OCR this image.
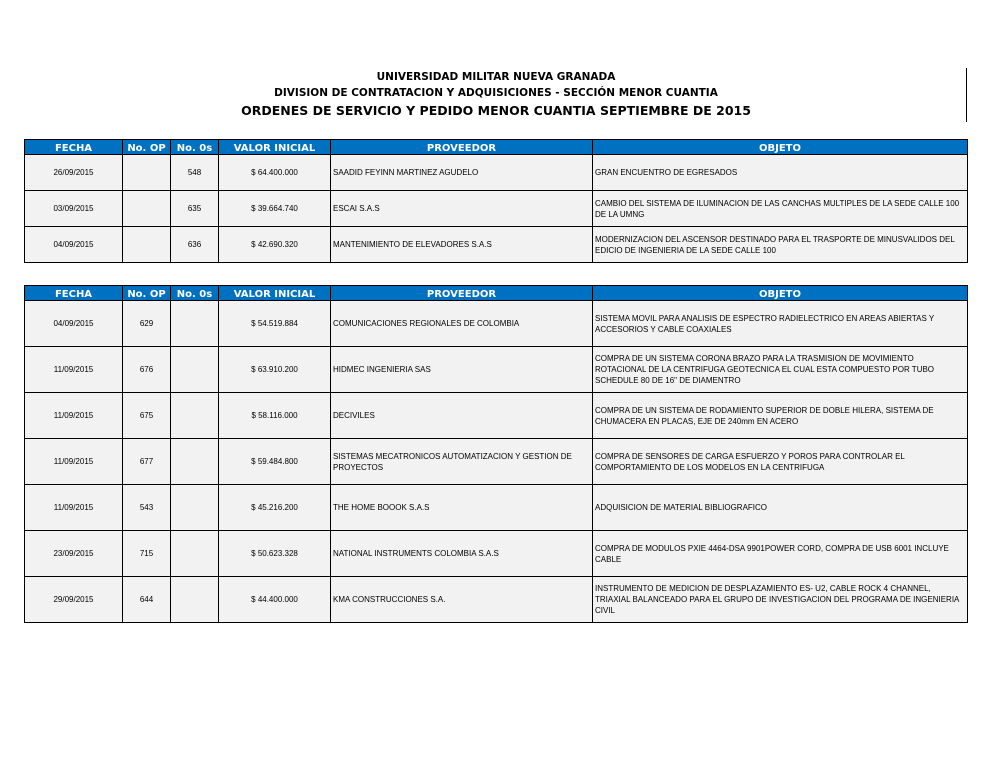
UNIVERSIDAD MILITAR NUEVA GRANADA
DIVISION DE CONTRATACION Y ADQUISICIONES - SECCIÓN MENOR CUANTIA
ORDENES DE SERVICIO Y PEDIDO MENOR CUANTIA SEPTIEMBRE DE 2015
FECHA	No. OP	No. 0s	VALOR INICIAL	PROVEEDOR	OBJETO
26/09/2015		548	$ 64.400.000	SAADID FEYINN MARTINEZ AGUDELO	GRAN ENCUENTRO DE EGRESADOS
03/09/2015		635	$ 39.664.740	ESCAI S.A.S	CAMBIO DEL SISTEMA DE ILUMINACION DE LAS CANCHAS MULTIPLES DE LA SEDE CALLE 100 DE LA UMNG
04/09/2015		636	$ 42.690.320	MANTENIMIENTO DE ELEVADORES S.A.S	MODERNIZACION DEL ASCENSOR DESTINADO PARA EL TRASPORTE DE MINUSVALIDOS DEL EDICIO DE INGENIERIA DE LA SEDE CALLE 100
FECHA	No. OP	No. 0s	VALOR INICIAL	PROVEEDOR	OBJETO
04/09/2015	629		$ 54.519.884	COMUNICACIONES REGIONALES DE COLOMBIA	SISTEMA MOVIL PARA ANALISIS DE ESPECTRO RADIELECTRICO EN AREAS ABIERTAS Y ACCESORIOS Y CABLE COAXIALES
11/09/2015	676		$ 63.910.200	HIDMEC INGENIERIA SAS	COMPRA DE UN SISTEMA CORONA BRAZO PARA LA TRASMISION DE MOVIMIENTO ROTACIONAL DE LA CENTRIFUGA GEOTECNICA EL CUAL ESTA COMPUESTO POR TUBO SCHEDULE 80 DE 16" DE DIAMENTRO
11/09/2015	675		$ 58.116.000	DECIVILES	COMPRA DE UN SISTEMA DE RODAMIENTO SUPERIOR DE DOBLE HILERA, SISTEMA DE CHUMACERA EN PLACAS, EJE DE 240mm EN ACERO
11/09/2015	677		$ 59.484.800	SISTEMAS MECATRONICOS AUTOMATIZACION Y GESTION DE PROYECTOS	COMPRA DE SENSORES DE CARGA ESFUERZO Y POROS PARA CONTROLAR EL COMPORTAMIENTO DE LOS MODELOS EN LA CENTRIFUGA
11/09/2015	543		$ 45.216.200	THE HOME BOOOK S.A.S	ADQUISICION DE MATERIAL BIBLIOGRAFICO
23/09/2015	715		$ 50.623.328	NATIONAL INSTRUMENTS COLOMBIA S.A.S	COMPRA DE MODULOS PXIE 4464-DSA 9901POWER CORD, COMPRA DE USB 6001 INCLUYE CABLE
29/09/2015	644		$ 44.400.000	KMA CONSTRUCCIONES S.A.	INSTRUMENTO DE MEDICION DE DESPLAZAMIENTO ES- U2, CABLE ROCK 4 CHANNEL, TRIAXIAL BALANCEADO PARA EL GRUPO DE INVESTIGACION DEL PROGRAMA DE INGENIERIA CIVIL
